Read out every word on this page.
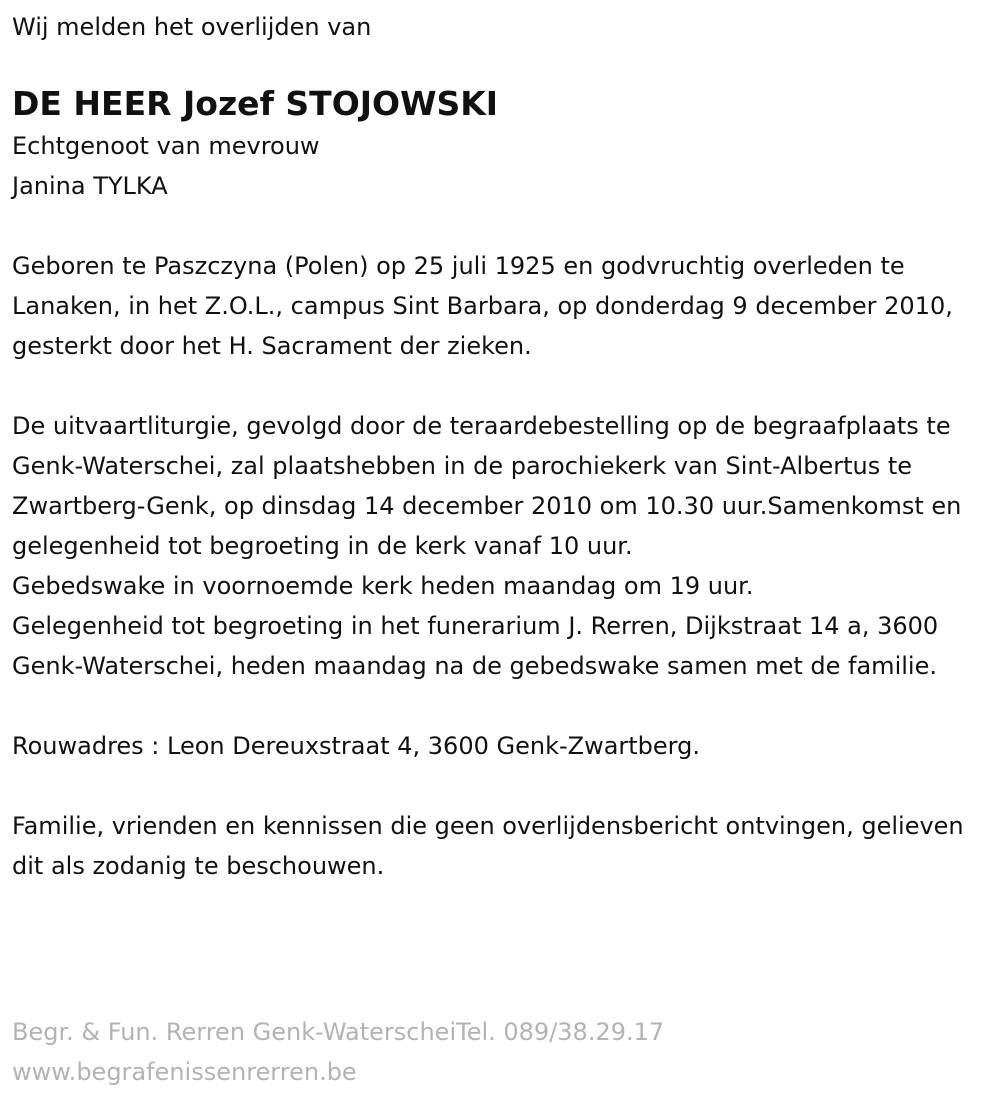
Wij melden het overlijden van

DE HEER Jozef STOJOWSKI

Echtgenoot van mevrouw

Janina TYLKA

Geboren te Paszczyna (Polen) op 25 juli 1925 en godvruchtig overleden te Lanaken, in het Z.O.L., campus Sint Barbara, op donderdag 9 december 2010, gesterkt door het H. Sacrament der zieken.

De uitvaartliturgie, gevolgd door de teraardebestelling op de begraafplaats te Genk-Waterschei, zal plaatshebben in de parochiekerk van Sint-Albertus te Zwartberg-Genk, op dinsdag 14 december 2010 om 10.30 uur.Samenkomst en gelegenheid tot begroeting in de kerk vanaf 10 uur.

Gebedswake in voornoemde kerk heden maandag om 19 uur.

Gelegenheid tot begroeting in het funerarium J. Rerren, Dijkstraat 14 a, 3600 Genk-Waterschei, heden maandag na de gebedswake samen met de familie.

Rouwadres : Leon Dereuxstraat 4, 3600 Genk-Zwartberg.

Familie, vrienden en kennissen die geen overlijdensbericht ontvingen, gelieven dit als zodanig te beschouwen.

Begr. & Fun. Rerren Genk-WaterscheiTel. 089/38.29.17
www.begrafenissenrerren.be
